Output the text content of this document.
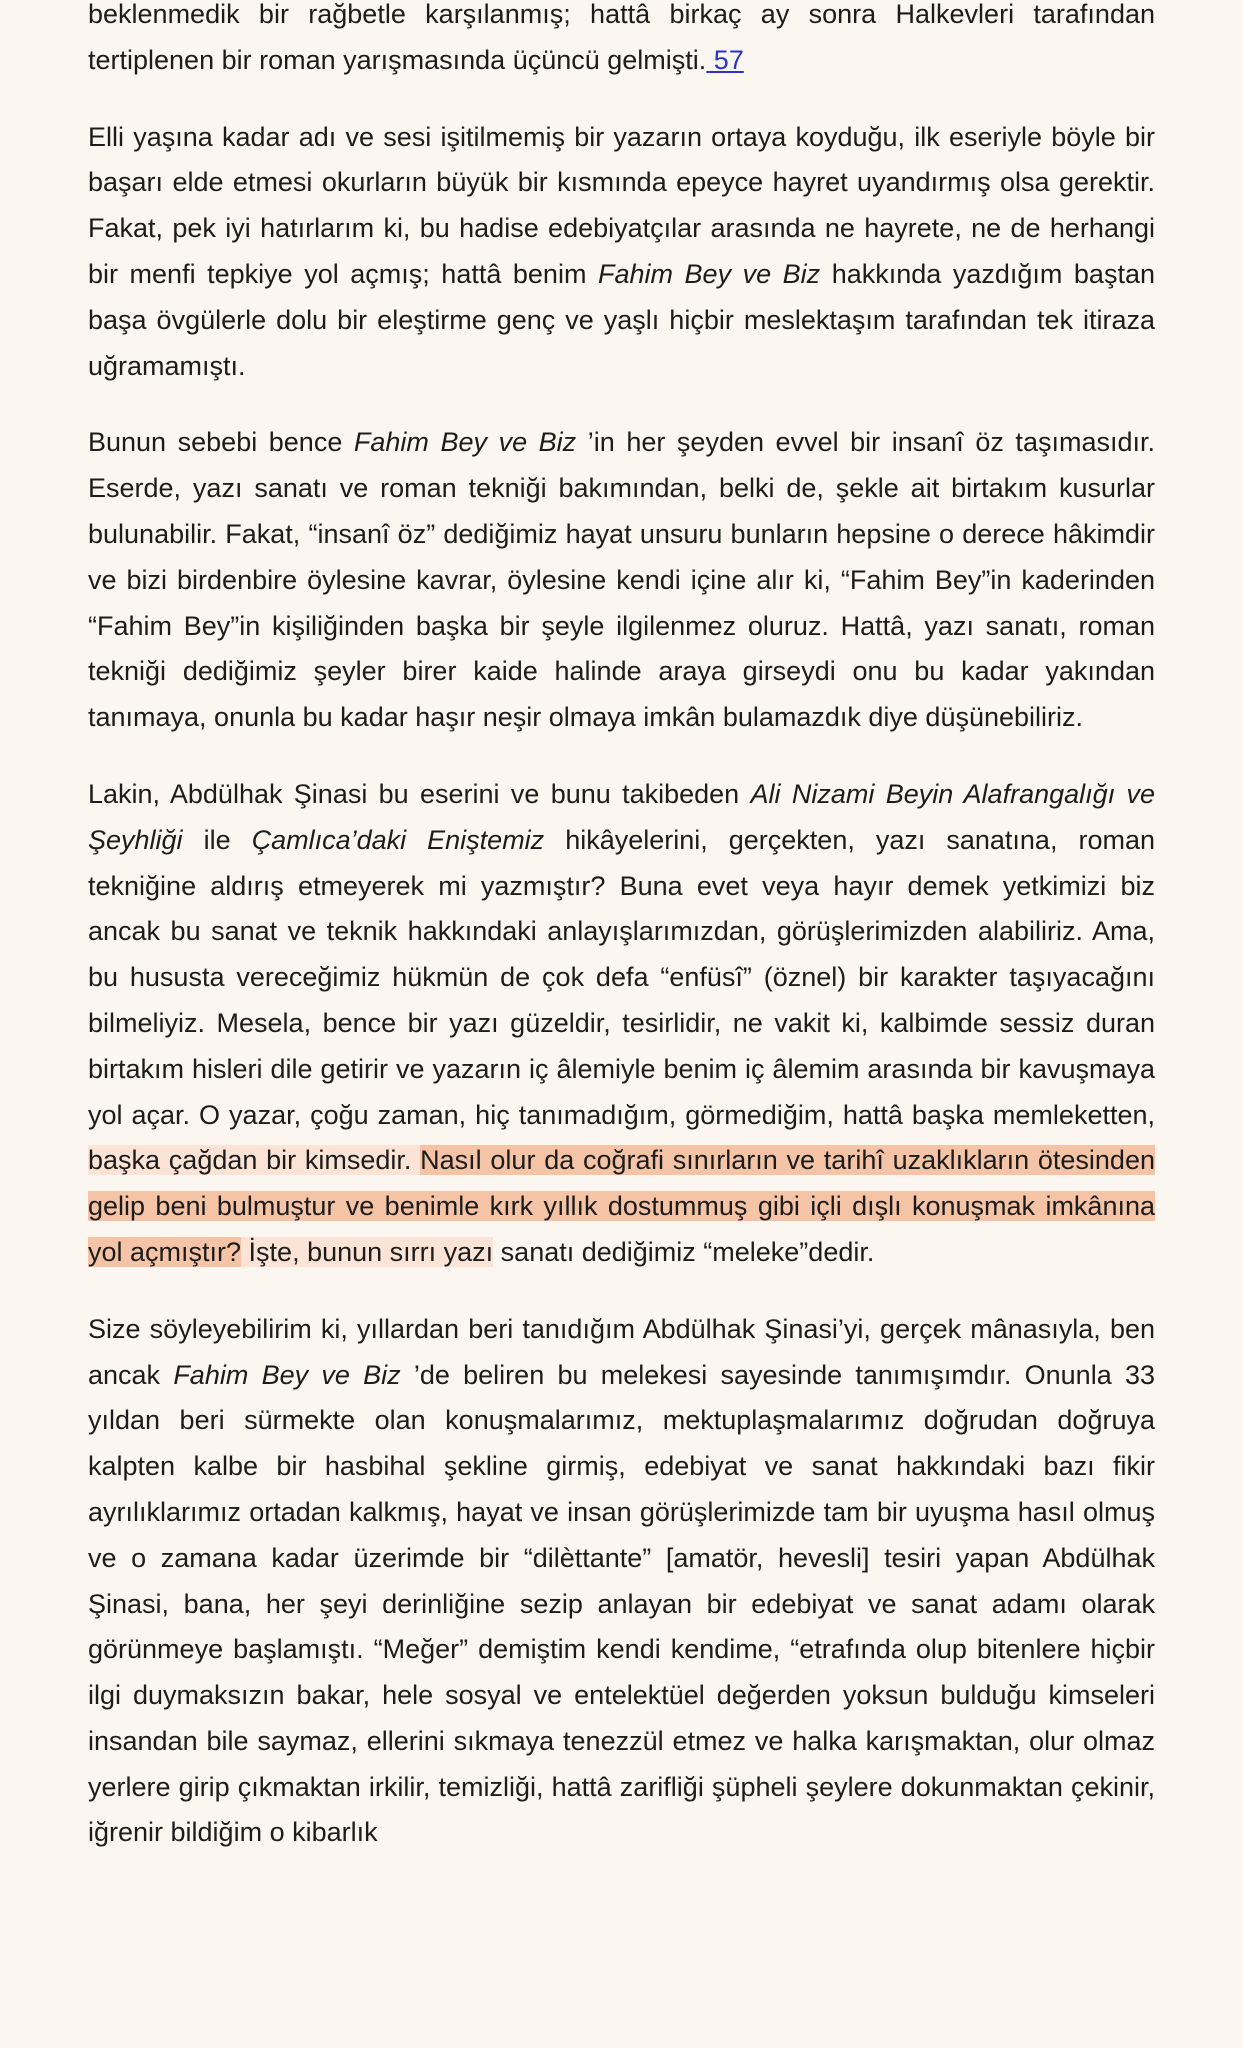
beklenmedik bir rağbetle karşılanmış; hattâ birkaç ay sonra Halkevleri tarafından tertiplenen bir roman yarışmasında üçüncü gelmişti. 57

Elli yaşına kadar adı ve sesi işitilmemiş bir yazarın ortaya koyduğu, ilk eseriyle böyle bir başarı elde etmesi okurların büyük bir kısmında epeyce hayret uyandırmış olsa gerektir. Fakat, pek iyi hatırlarım ki, bu hadise edebiyatçılar arasında ne hayrete, ne de herhangi bir menfi tepkiye yol açmış; hattâ benim Fahim Bey ve Biz hakkında yazdığım baştan başa övgülerle dolu bir eleştirme genç ve yaşlı hiçbir meslektaşım tarafından tek itiraza uğramamıştı.

Bunun sebebi bence Fahim Bey ve Biz ’in her şeyden evvel bir insanî öz taşımasıdır. Eserde, yazı sanatı ve roman tekniği bakımından, belki de, şekle ait birtakım kusurlar bulunabilir. Fakat, “insanî öz” dediğimiz hayat unsuru bunların hepsine o derece hâkimdir ve bizi birdenbire öylesine kavrar, öylesine kendi içine alır ki, “Fahim Bey”in kaderinden “Fahim Bey”in kişiliğinden başka bir şeyle ilgilenmez oluruz. Hattâ, yazı sanatı, roman tekniği dediğimiz şeyler birer kaide halinde araya girseydi onu bu kadar yakından tanımaya, onunla bu kadar haşır neşir olmaya imkân bulamazdık diye düşünebiliriz.

Lakin, Abdülhak Şinasi bu eserini ve bunu takibeden Ali Nizami Beyin Alafrangalığı ve Şeyhliği ile Çamlıca’daki Eniştemiz hikâyelerini, gerçekten, yazı sanatına, roman tekniğine aldırış etmeyerek mi yazmıştır? Buna evet veya hayır demek yetkimizi biz ancak bu sanat ve teknik hakkındaki anlayışlarımızdan, görüşlerimizden alabiliriz. Ama, bu hususta vereceğimiz hükmün de çok defa “enfüsî” (öznel) bir karakter taşıyacağını bilmeliyiz. Mesela, bence bir yazı güzeldir, tesirlidir, ne vakit ki, kalbimde sessiz duran birtakım hisleri dile getirir ve yazarın iç âlemiyle benim iç âlemim arasında bir kavuşmaya yol açar. O yazar, çoğu zaman, hiç tanımadığım, görmediğim, hattâ başka memleketten, başka çağdan bir kimsedir. Nasıl olur da coğrafi sınırların ve tarihî uzaklıkların ötesinden gelip beni bulmuştur ve benimle kırk yıllık dostummuş gibi içli dışlı konuşmak imkânına yol açmıştır? İşte, bunun sırrı yazı sanatı dediğimiz “meleke”dedir.

Size söyleyebilirim ki, yıllardan beri tanıdığım Abdülhak Şinasi’yi, gerçek mânasıyla, ben ancak Fahim Bey ve Biz ’de beliren bu melekesi sayesinde tanımışımdır. Onunla 33 yıldan beri sürmekte olan konuşmalarımız, mektuplaşmalarımız doğrudan doğruya kalpten kalbe bir hasbihal şekline girmiş, edebiyat ve sanat hakkındaki bazı fikir ayrılıklarımız ortadan kalkmış, hayat ve insan görüşlerimizde tam bir uyuşma hasıl olmuş ve o zamana kadar üzerimde bir “dilèttante” [amatör, hevesli] tesiri yapan Abdülhak Şinasi, bana, her şeyi derinliğine sezip anlayan bir edebiyat ve sanat adamı olarak görünmeye başlamıştı. “Meğer” demiştim kendi kendime, “etrafında olup bitenlere hiçbir ilgi duymaksızın bakar, hele sosyal ve entelektüel değerden yoksun bulduğu kimseleri insandan bile saymaz, ellerini sıkmaya tenezzül etmez ve halka karışmaktan, olur olmaz yerlere girip çıkmaktan irkilir, temizliği, hattâ zarifliği şüpheli şeylere dokunmaktan çekinir, iğrenir bildiğim o kibarlık
